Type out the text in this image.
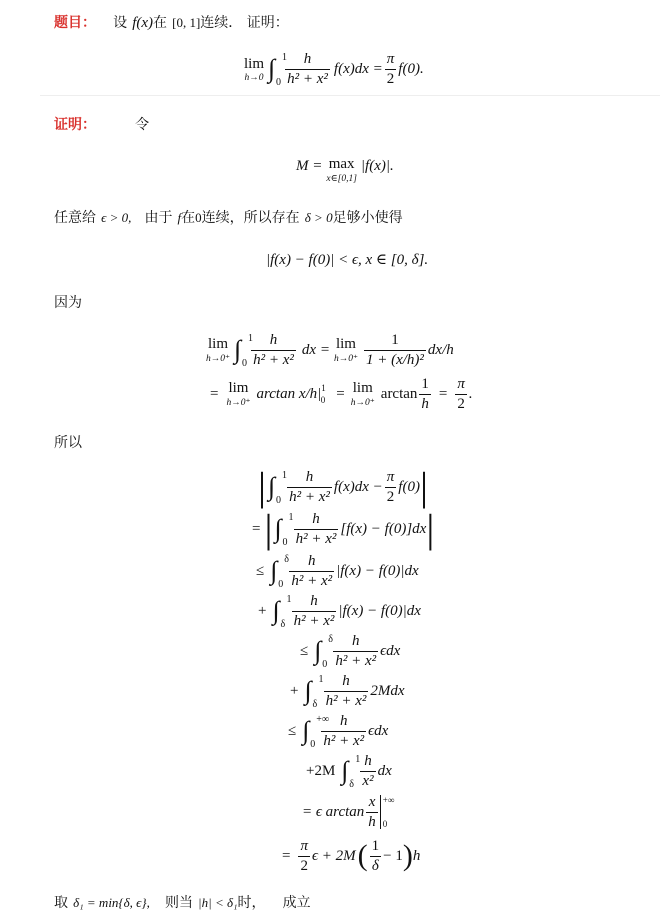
题目： 设 f(x)在 [0, 1]连续． 证明：
lim
h→0 ∫ 1
$0 \frac{h}{\text{h² + x²}} f(x)dx = \frac{\pi}{2} f(0)$.
证明：	令
M = max
x∈[0,1]
|f(x)|.
任意给 ϵ > 0, 由于 f在0连续，所以存在 δ > 0足够小使得
|f(x) − f(0)| < ϵ, x ∈ [0, δ].
因为
lim
h→0⁺ ∫ 1
$0 \frac{h}{\text{h² + x²}}$ dx = lim
$h\to 0^+ \frac{1}{\text{1 + (x/h)²}} dx/h$
= lim
h→0⁺
$\arctan x/h|^1_0 = \lim$
h→0⁺
$\arctan \frac{1}{h} = \frac{\pi}{2}$ .
所以
| ∫ 1
$0 \frac{h}{\text{h² + x²}} f(x)dx - \frac{\pi}{2} f(0)$ |
= | ∫ 1
$0 \frac{h}{\text{h² + x²}} [f(x) - f(0)]dx$ |
≤ ∫ δ
$0 \frac{h}{\text{h² + x²}} |f(x) - f(0)|dx$
+ ∫ 1
δ $\frac{h}{\text{h² + x²}} |f(x) - f(0)|dx$
≤ ∫ δ
$0 \frac{h}{\text{h² + x²}}$ ϵdx
+ ∫ 1
δ $\frac{h}{\text{h² + x²}} 2Mdx$
≤ ∫ +∞
$0 \frac{h}{\text{h² + x²}}$ ϵdx
+2M ∫ 1
δ $\frac{h}{\text{x²}}$ dx
= ϵ $\arctan \frac{x}{h}$ +∞
0
= $\frac{\pi}{2}$ ϵ + 2M ( $\frac{1}{\delta} - 1$ ) h
取 δ₁ = min{δ, ϵ}, 则当 |h| < δ₁时， 成立
